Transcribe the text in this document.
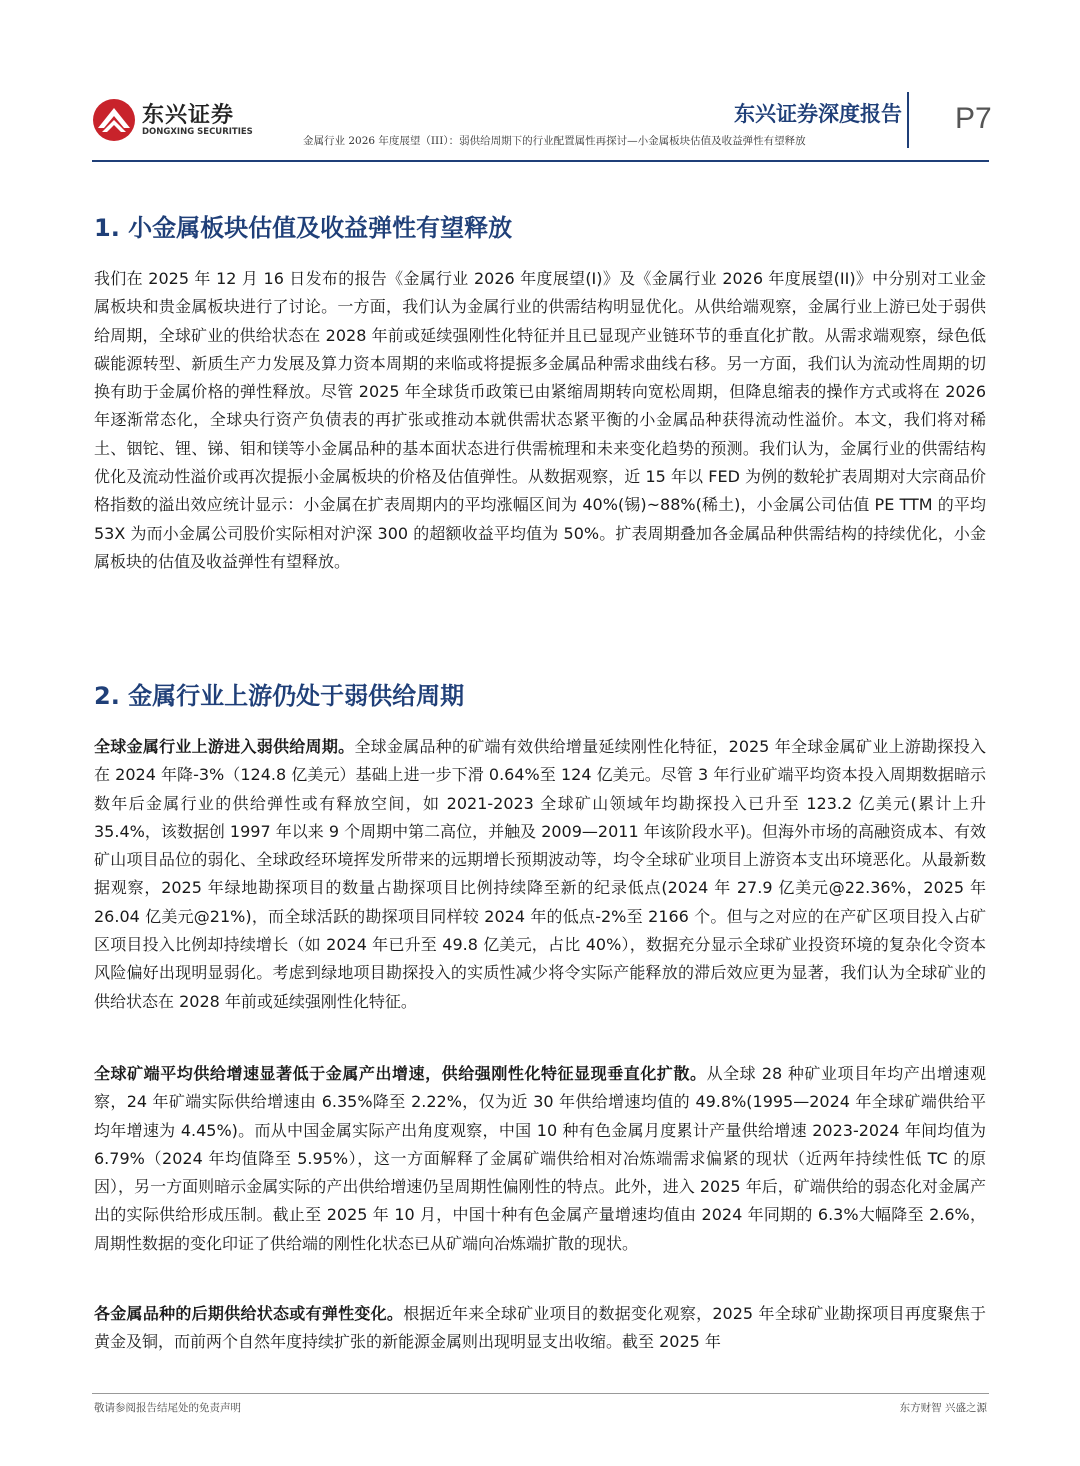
东兴证券
DONGXING SECURITIES
东兴证券深度报告 P7
金属行业 2026 年度展望（III）：弱供给周期下的行业配置属性再探讨—小金属板块估值及收益弹性有望释放
1. 小金属板块估值及收益弹性有望释放
我们在 2025 年 12 月 16 日发布的报告《金属行业 2026 年度展望(I)》及《金属行业 2026 年度展望(II)》中分别对工业金属板块和贵金属板块进行了讨论。一方面，我们认为金属行业的供需结构明显优化。从供给端观察，金属行业上游已处于弱供给周期，全球矿业的供给状态在 2028 年前或延续强刚性化特征并且已显现产业链环节的垂直化扩散。从需求端观察，绿色低碳能源转型、新质生产力发展及算力资本周期的来临或将提振多金属品种需求曲线右移。另一方面，我们认为流动性周期的切换有助于金属价格的弹性释放。尽管 2025 年全球货币政策已由紧缩周期转向宽松周期，但降息缩表的操作方式或将在 2026 年逐渐常态化，全球央行资产负债表的再扩张或推动本就供需状态紧平衡的小金属品种获得流动性溢价。本文，我们将对稀土、铟铊、锂、锑、钼和镁等小金属品种的基本面状态进行供需梳理和未来变化趋势的预测。我们认为，金属行业的供需结构优化及流动性溢价或再次提振小金属板块的价格及估值弹性。从数据观察，近 15 年以 FED 为例的数轮扩表周期对大宗商品价格指数的溢出效应统计显示：小金属在扩表周期内的平均涨幅区间为 40%(锡)~88%(稀土)，小金属公司估值 PE TTM 的平均 53X 为而小金属公司股价实际相对沪深 300 的超额收益平均值为 50%。扩表周期叠加各金属品种供需结构的持续优化，小金属板块的估值及收益弹性有望释放。
2. 金属行业上游仍处于弱供给周期
全球金属行业上游进入弱供给周期。全球金属品种的矿端有效供给增量延续刚性化特征，2025 年全球金属矿业上游勘探投入在 2024 年降-3%（124.8 亿美元）基础上进一步下滑 0.64%至 124 亿美元。尽管 3 年行业矿端平均资本投入周期数据暗示数年后金属行业的供给弹性或有释放空间，如 2021-2023 全球矿山领域年均勘探投入已升至 123.2 亿美元(累计上升 35.4%，该数据创 1997 年以来 9 个周期中第二高位，并触及 2009—2011 年该阶段水平)。但海外市场的高融资成本、有效矿山项目品位的弱化、全球政经环境挥发所带来的远期增长预期波动等，均令全球矿业项目上游资本支出环境恶化。从最新数据观察，2025 年绿地勘探项目的数量占勘探项目比例持续降至新的纪录低点(2024 年 27.9 亿美元@22.36%，2025 年 26.04 亿美元@21%)，而全球活跃的勘探项目同样较 2024 年的低点-2%至 2166 个。但与之对应的在产矿区项目投入占矿区项目投入比例却持续增长（如 2024 年已升至 49.8 亿美元，占比 40%），数据充分显示全球矿业投资环境的复杂化令资本风险偏好出现明显弱化。考虑到绿地项目勘探投入的实质性减少将令实际产能释放的滞后效应更为显著，我们认为全球矿业的供给状态在 2028 年前或延续强刚性化特征。
全球矿端平均供给增速显著低于金属产出增速，供给强刚性化特征显现垂直化扩散。从全球 28 种矿业项目年均产出增速观察，24 年矿端实际供给增速由 6.35%降至 2.22%，仅为近 30 年供给增速均值的 49.8%(1995—2024 年全球矿端供给平均年增速为 4.45%)。而从中国金属实际产出角度观察，中国 10 种有色金属月度累计产量供给增速 2023-2024 年间均值为 6.79%（2024 年均值降至 5.95%），这一方面解释了金属矿端供给相对冶炼端需求偏紧的现状（近两年持续性低 TC 的原因），另一方面则暗示金属实际的产出供给增速仍呈周期性偏刚性的特点。此外，进入 2025 年后，矿端供给的弱态化对金属产出的实际供给形成压制。截止至 2025 年 10 月，中国十种有色金属产量增速均值由 2024 年同期的 6.3%大幅降至 2.6%，周期性数据的变化印证了供给端的刚性化状态已从矿端向冶炼端扩散的现状。
各金属品种的后期供给状态或有弹性变化。根据近年来全球矿业项目的数据变化观察，2025 年全球矿业勘探项目再度聚焦于黄金及铜，而前两个自然年度持续扩张的新能源金属则出现明显支出收缩。截至 2025 年
敬请参阅报告结尾处的免责声明	东方财智 兴盛之源
